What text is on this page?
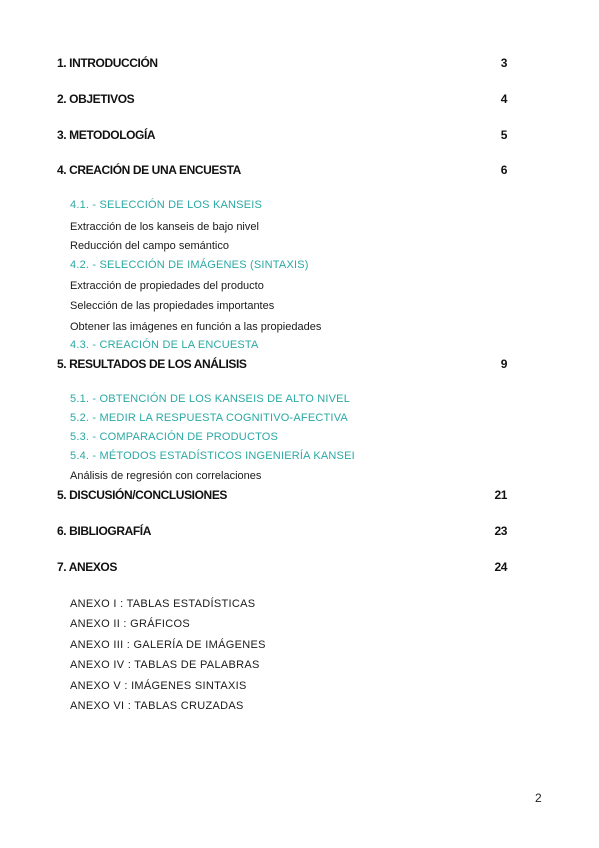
1. INTRODUCCIÓN	3
2. OBJETIVOS	4
3. METODOLOGÍA	5
4. CREACIÓN DE UNA ENCUESTA	6
4.1. - SELECCIÓN DE LOS KANSEIS
Extracción de los kanseis de bajo nivel
Reducción del campo semántico
4.2. - SELECCIÓN DE IMÁGENES (SINTAXIS)
Extracción de propiedades del producto
Selección de las propiedades importantes
Obtener las imágenes en función a las propiedades
4.3. - CREACIÓN DE LA ENCUESTA
5. RESULTADOS DE LOS ANÁLISIS	9
5.1. - OBTENCIÓN DE LOS KANSEIS DE ALTO NIVEL
5.2. - MEDIR LA RESPUESTA COGNITIVO-AFECTIVA
5.3. - COMPARACIÓN DE PRODUCTOS
5.4. - MÉTODOS ESTADÍSTICOS INGENIERÍA KANSEI
Análisis de regresión con correlaciones
5. DISCUSIÓN/CONCLUSIONES	21
6. BIBLIOGRAFÍA	23
7. ANEXOS	24
ANEXO I : TABLAS ESTADÍSTICAS
ANEXO II : GRÁFICOS
ANEXO III : GALERÍA DE IMÁGENES
ANEXO IV : TABLAS DE PALABRAS
ANEXO V : IMÁGENES SINTAXIS
ANEXO VI : TABLAS CRUZADAS
2
